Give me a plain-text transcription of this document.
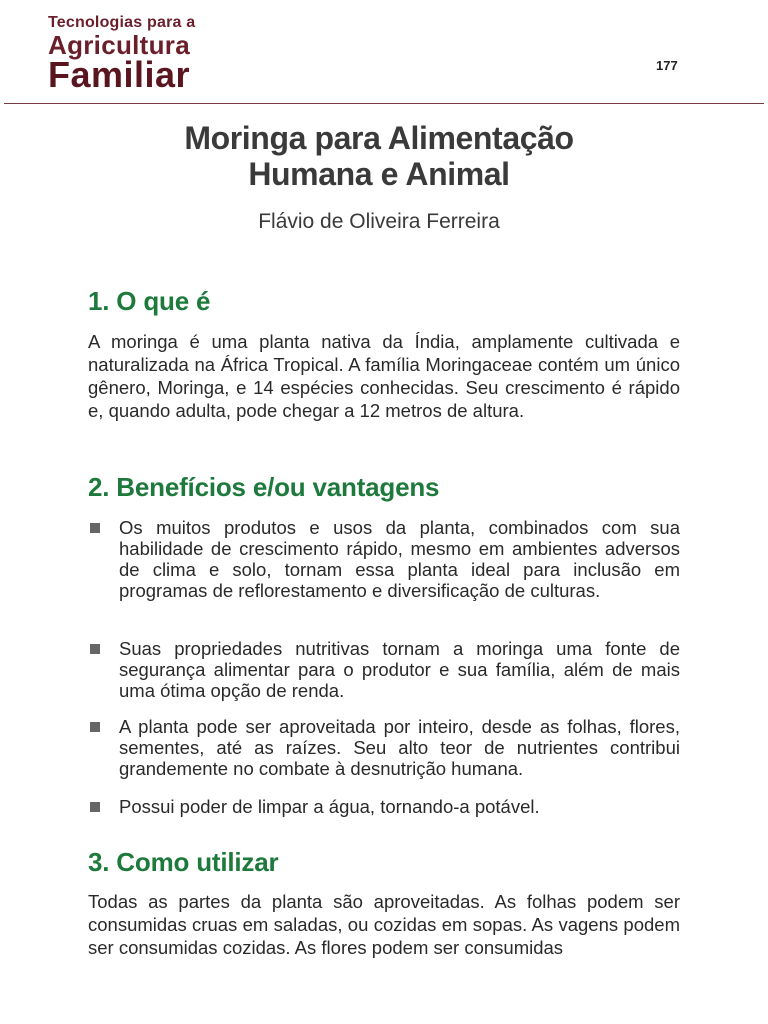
Tecnologias para a
Agricultura
Familiar	177
Moringa para Alimentação
Humana e Animal
Flávio de Oliveira Ferreira
1. O que é
A moringa é uma planta nativa da Índia, amplamente cultivada e naturalizada na África Tropical. A família Moringaceae contém um único gênero, Moringa, e 14 espécies conhecidas. Seu crescimento é rápido e, quando adulta, pode chegar a 12 metros de altura.
2. Benefícios e/ou vantagens
Os muitos produtos e usos da planta, combinados com sua habilidade de crescimento rápido, mesmo em ambientes adversos de clima e solo, tornam essa planta ideal para inclusão em programas de reflorestamento e diversificação de culturas.
Suas propriedades nutritivas tornam a moringa uma fonte de segurança alimentar para o produtor e sua família, além de mais uma ótima opção de renda.
A planta pode ser aproveitada por inteiro, desde as folhas, flores, sementes, até as raízes. Seu alto teor de nutrientes contribui grandemente no combate à desnutrição humana.
Possui poder de limpar a água, tornando-a potável.
3. Como utilizar
Todas as partes da planta são aproveitadas. As folhas podem ser consumidas cruas em saladas, ou cozidas em sopas. As vagens podem ser consumidas cozidas. As flores podem ser consumidas
